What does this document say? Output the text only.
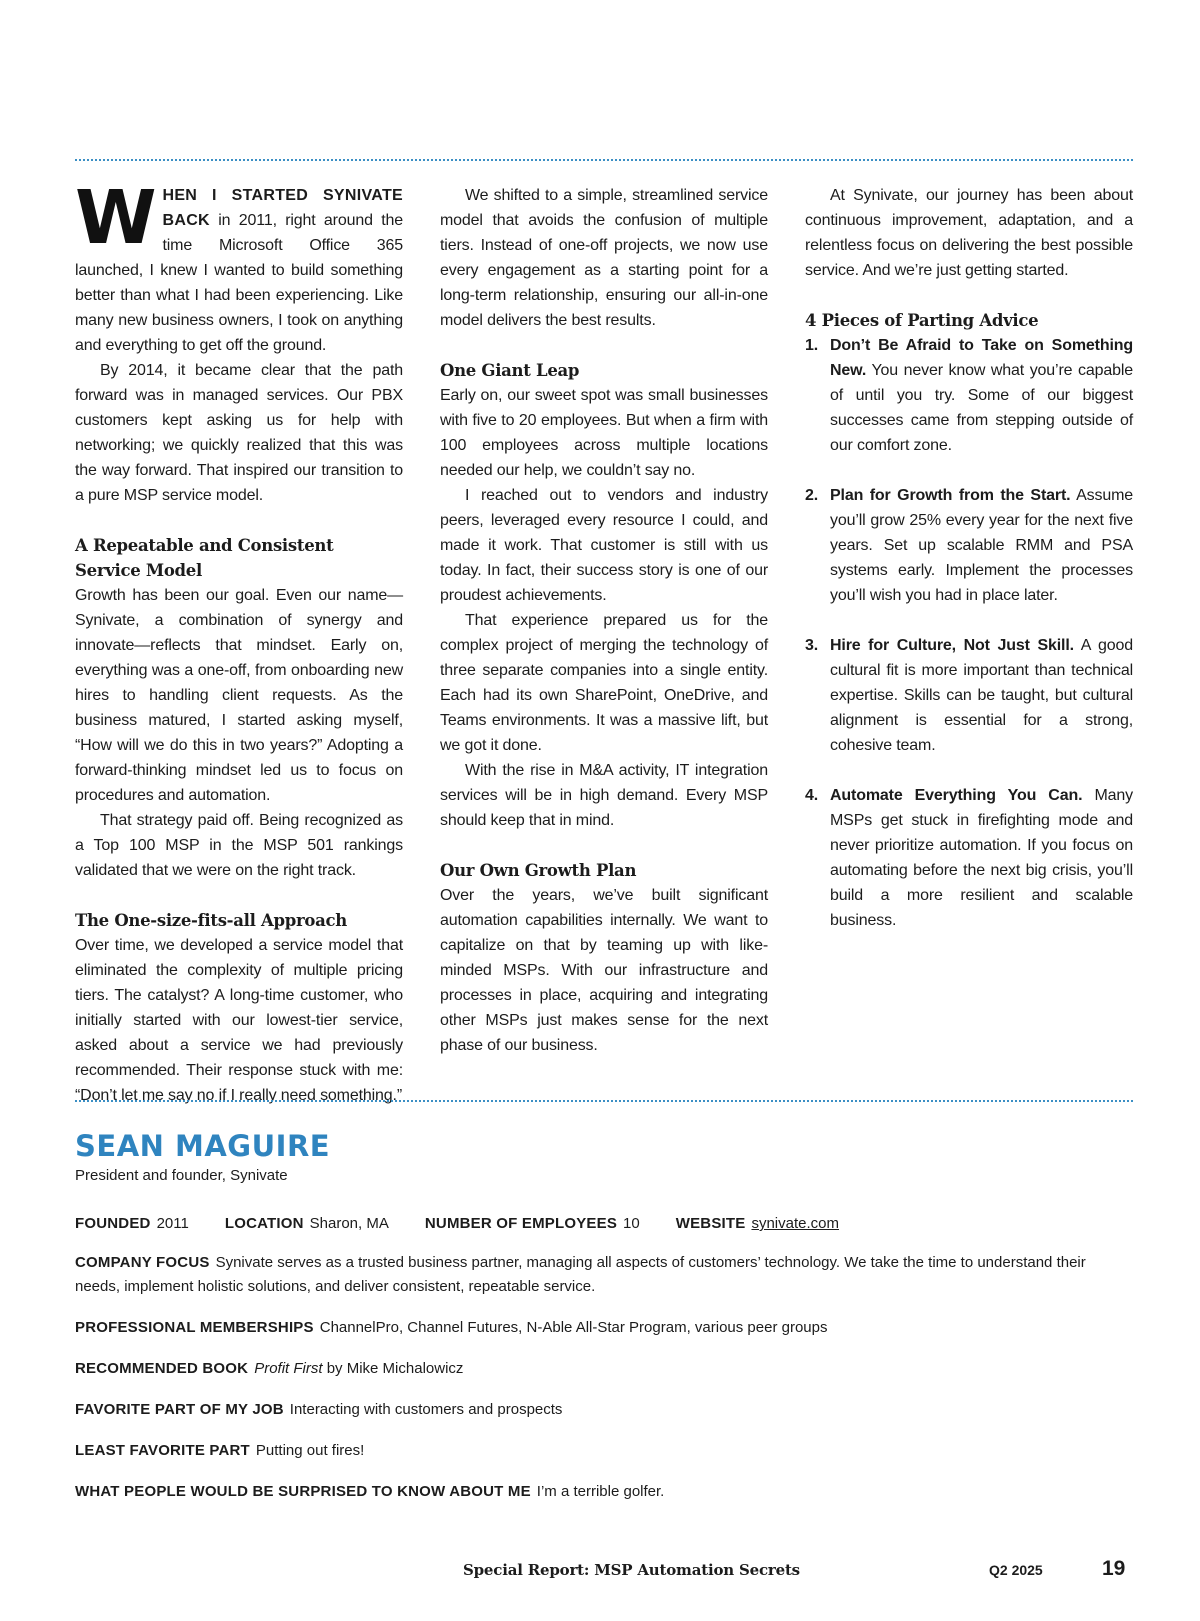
WHEN I STARTED SYNIVATE BACK in 2011, right around the time Microsoft Office 365 launched, I knew I wanted to build something better than what I had been experiencing. Like many new business owners, I took on anything and everything to get off the ground.

By 2014, it became clear that the path forward was in managed services. Our PBX customers kept asking us for help with networking; we quickly realized that this was the way forward. That inspired our transition to a pure MSP service model.

A Repeatable and Consistent Service Model

Growth has been our goal. Even our name—Synivate, a combination of synergy and innovate—reflects that mindset. Early on, everything was a one-off, from onboarding new hires to handling client requests. As the business matured, I started asking myself, “How will we do this in two years?” Adopting a forward-thinking mindset led us to focus on procedures and automation.

That strategy paid off. Being recognized as a Top 100 MSP in the MSP 501 rankings validated that we were on the right track.

The One-size-fits-all Approach

Over time, we developed a service model that eliminated the complexity of multiple pricing tiers. The catalyst? A long-time customer, who initially started with our lowest-tier service, asked about a service we had previously recommended. Their response stuck with me: “Don’t let me say no if I really need something.”

We shifted to a simple, streamlined service model that avoids the confusion of multiple tiers. Instead of one-off projects, we now use every engagement as a starting point for a long-term relationship, ensuring our all-in-one model delivers the best results.

One Giant Leap

Early on, our sweet spot was small businesses with five to 20 employees. But when a firm with 100 employees across multiple locations needed our help, we couldn’t say no.

I reached out to vendors and industry peers, leveraged every resource I could, and made it work. That customer is still with us today. In fact, their success story is one of our proudest achievements.

That experience prepared us for the complex project of merging the technology of three separate companies into a single entity. Each had its own SharePoint, OneDrive, and Teams environments. It was a massive lift, but we got it done.

With the rise in M&A activity, IT integration services will be in high demand. Every MSP should keep that in mind.

Our Own Growth Plan

Over the years, we’ve built significant automation capabilities internally. We want to capitalize on that by teaming up with like-minded MSPs. With our infrastructure and processes in place, acquiring and integrating other MSPs just makes sense for the next phase of our business.

At Synivate, our journey has been about continuous improvement, adaptation, and a relentless focus on delivering the best possible service. And we’re just getting started.

4 Pieces of Parting Advice
1. Don’t Be Afraid to Take on Something New. You never know what you’re capable of until you try. Some of our biggest successes came from stepping outside of our comfort zone.
2. Plan for Growth from the Start. Assume you’ll grow 25% every year for the next five years. Set up scalable RMM and PSA systems early. Implement the processes you’ll wish you had in place later.
3. Hire for Culture, Not Just Skill. A good cultural fit is more important than technical expertise. Skills can be taught, but cultural alignment is essential for a strong, cohesive team.
4. Automate Everything You Can. Many MSPs get stuck in firefighting mode and never prioritize automation. If you focus on automating before the next big crisis, you’ll build a more resilient and scalable business.
SEAN MAGUIRE
President and founder, Synivate
FOUNDED 2011 LOCATION Sharon, MA NUMBER OF EMPLOYEES 10 WEBSITE synivate.com
COMPANY FOCUS Synivate serves as a trusted business partner, managing all aspects of customers’ technology. We take the time to understand their needs, implement holistic solutions, and deliver consistent, repeatable service.
PROFESSIONAL MEMBERSHIPS ChannelPro, Channel Futures, N-Able All-Star Program, various peer groups
RECOMMENDED BOOK Profit First by Mike Michalowicz
FAVORITE PART OF MY JOB Interacting with customers and prospects
LEAST FAVORITE PART Putting out fires!
WHAT PEOPLE WOULD BE SURPRISED TO KNOW ABOUT ME I’m a terrible golfer.
Special Report: MSP Automation Secrets	Q2 2025	19
